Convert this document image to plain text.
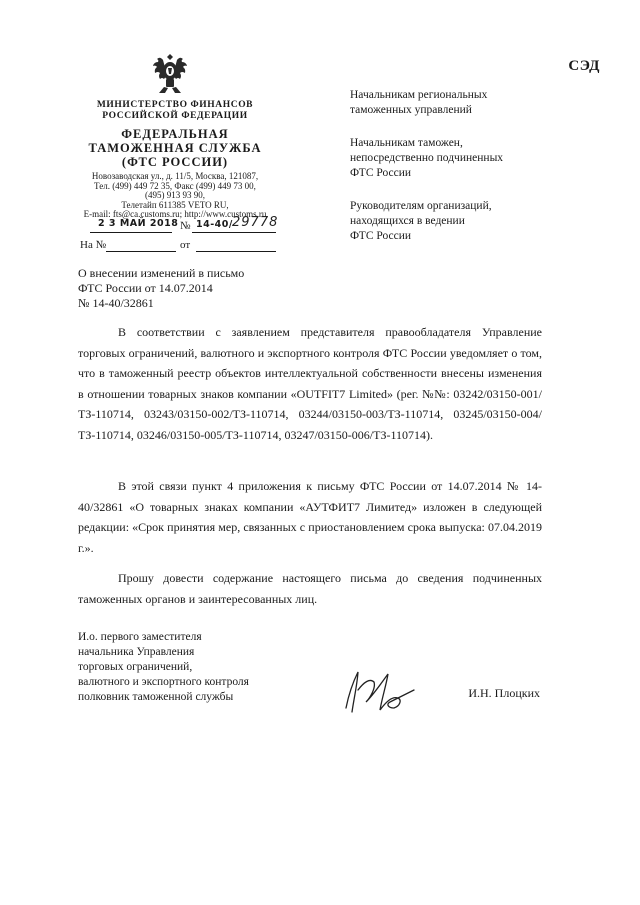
СЭД
МИНИСТЕРСТВО ФИНАНСОВ
РОССИЙСКОЙ ФЕДЕРАЦИИ
ФЕДЕРАЛЬНАЯ
ТАМОЖЕННАЯ СЛУЖБА
(ФТС РОССИИ)
Новозаводская ул., д. 11/5, Москва, 121087,
Тел. (499) 449 72 35, Факс (499) 449 73 00,
(495) 913 93 90,
Телетайп 611385 VETO RU,
E-mail: fts@ca.customs.ru; http://www.customs.ru
2 3 МАЙ 2018 № 14-40/ 29778
На №	от
Начальникам региональных
таможенных управлений
Начальникам таможен,
непосредственно подчиненных
ФТС России
Руководителям организаций,
находящихся в ведении
ФТС России
О внесении изменений в письмо
ФТС России от 14.07.2014
№ 14-40/32861
В соответствии с заявлением представителя правообладателя Управление торговых ограничений, валютного и экспортного контроля ФТС России уведомляет о том, что в таможенный реестр объектов интеллектуальной собственности внесены изменения в отношении товарных знаков компании «OUTFIT7 Limited» (рег. №№: 03242/03150-001/ТЗ-110714, 03243/03150-002/ТЗ-110714, 03244/03150-003/ТЗ-110714, 03245/03150-004/ТЗ-110714, 03246/03150-005/ТЗ-110714, 03247/03150-006/ТЗ-110714).
В этой связи пункт 4 приложения к письму ФТС России от 14.07.2014 № 14-40/32861 «О товарных знаках компании «АУТФИТ7 Лимитед» изложен в следующей редакции: «Срок принятия мер, связанных с приостановлением срока выпуска: 07.04.2019 г.».
Прошу довести содержание настоящего письма до сведения подчиненных таможенных органов и заинтересованных лиц.
И.о. первого заместителя
начальника Управления
торговых ограничений,
валютного и экспортного контроля
полковник таможенной службы	И.Н. Плоцких
